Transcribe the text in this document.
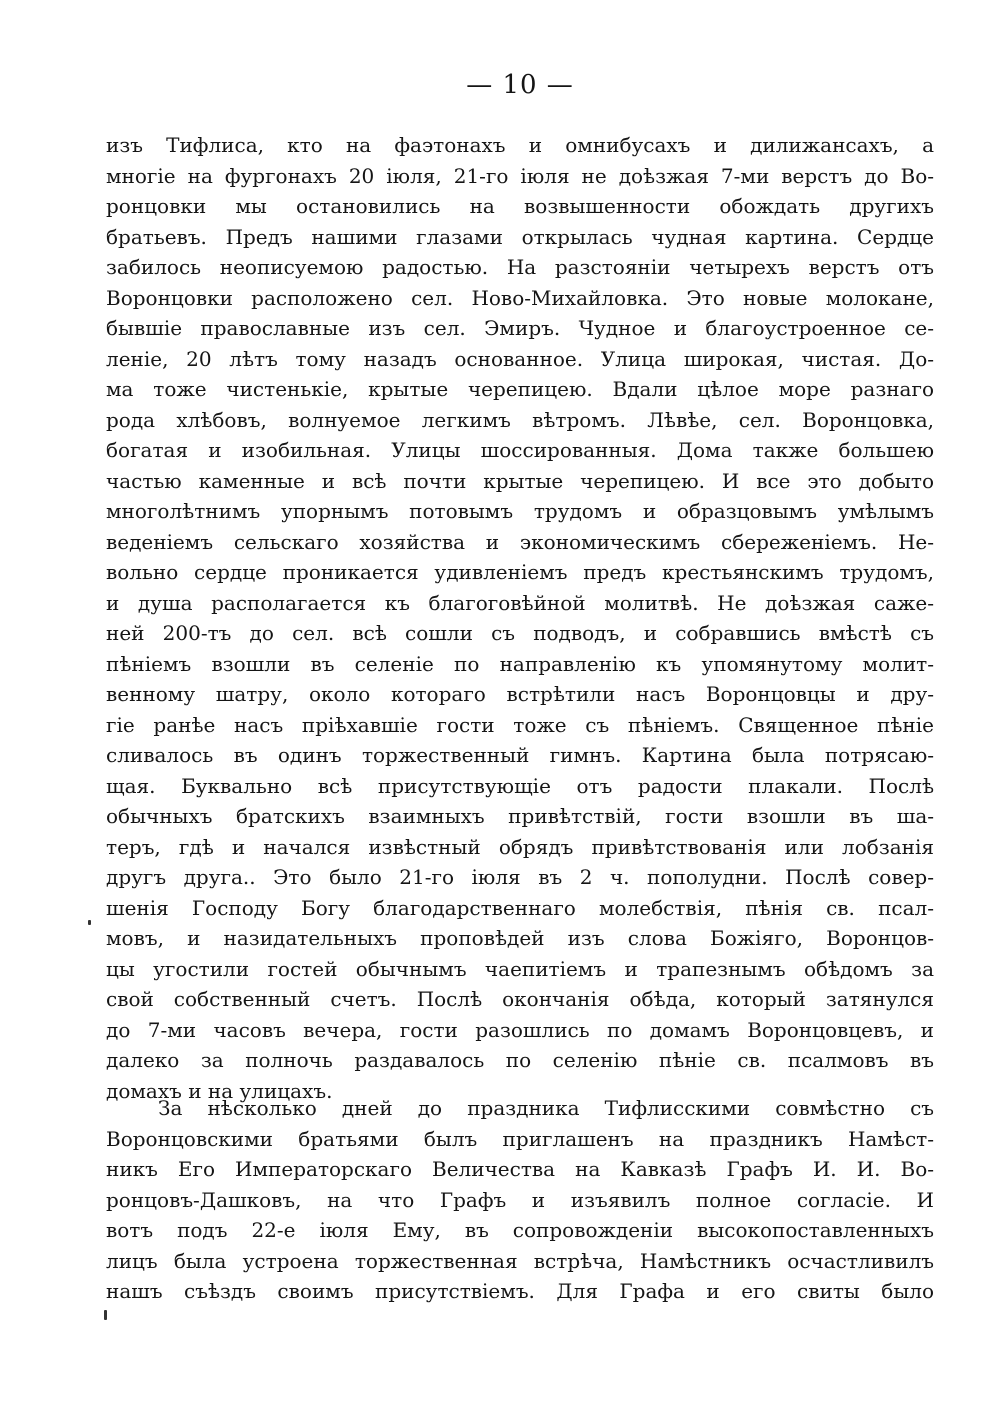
— 10 —
изъ Тифлиса, кто на фаэтонахъ и омнибусахъ и дилижансахъ, а
многіе на фургонахъ 20 іюля, 21-го іюля не доѣзжая 7-ми верстъ до Во-
ронцовки мы остановились на возвышенности обождать другихъ
братьевъ. Предъ нашими глазами открылась чудная картина. Сердце
забилось неописуемою радостью. На разстояніи четырехъ верстъ отъ
Воронцовки расположено сел. Ново-Михайловка. Это новые молокане,
бывшіе православные изъ сел. Эмиръ. Чудное и благоустроенное се-
леніе, 20 лѣтъ тому назадъ основанное. Улица широкая, чистая. До-
ма тоже чистенькіе, крытые черепицею. Вдали цѣлое море разнаго
рода хлѣбовъ, волнуемое легкимъ вѣтромъ. Лѣвѣе, сел. Воронцовка,
богатая и изобильная. Улицы шоссированныя. Дома также большею
частью каменные и всѣ почти крытые черепицею. И все это добыто
многолѣтнимъ упорнымъ потовымъ трудомъ и образцовымъ умѣлымъ
веденіемъ сельскаго хозяйства и экономическимъ сбереженіемъ. Не-
вольно сердце проникается удивленіемъ предъ крестьянскимъ трудомъ,
и душа располагается къ благоговѣйной молитвѣ. Не доѣзжая саже-
ней 200-тъ до сел. всѣ сошли съ подводъ, и собравшись вмѣстѣ съ
пѣніемъ взошли въ селеніе по направленію къ упомянутому молит-
венному шатру, около котораго встрѣтили насъ Воронцовцы и дру-
гіе ранѣе насъ пріѣхавшіе гости тоже съ пѣніемъ. Священное пѣніе
сливалось въ одинъ торжественный гимнъ. Картина была потрясаю-
щая. Буквально всѣ присутствующіе отъ радости плакали. Послѣ
обычныхъ братскихъ взаимныхъ привѣтствій, гости взошли въ ша-
теръ, гдѣ и начался извѣстный обрядъ привѣтствованія или лобзанія
другъ друга.. Это было 21-го іюля въ 2 ч. пополудни. Послѣ совер-
шенія Господу Богу благодарственнаго молебствія, пѣнія св. псал-
мовъ, и назидательныхъ проповѣдей изъ слова Божіяго, Воронцов-
цы угостили гостей обычнымъ чаепитіемъ и трапезнымъ обѣдомъ за
свой собственный счетъ. Послѣ окончанія обѣда, который затянулся
до 7-ми часовъ вечера, гости разошлись по домамъ Воронцовцевъ, и
далеко за полночь раздавалось по селенію пѣніе св. псалмовъ въ
домахъ и на улицахъ.
За нѣсколько дней до праздника Тифлисскими совмѣстно съ
Воронцовскими братьями былъ приглашенъ на праздникъ Намѣст-
никъ Его Императорскаго Величества на Кавказѣ Графъ И. И. Во-
ронцовъ-Дашковъ, на что Графъ и изъявилъ полное согласіе. И
вотъ подъ 22-е іюля Ему, въ сопровожденіи высокопоставленныхъ
лицъ была устроена торжественная встрѣча, Намѣстникъ осчастливилъ
нашъ съѣздъ своимъ присутствіемъ. Для Графа и его свиты было
